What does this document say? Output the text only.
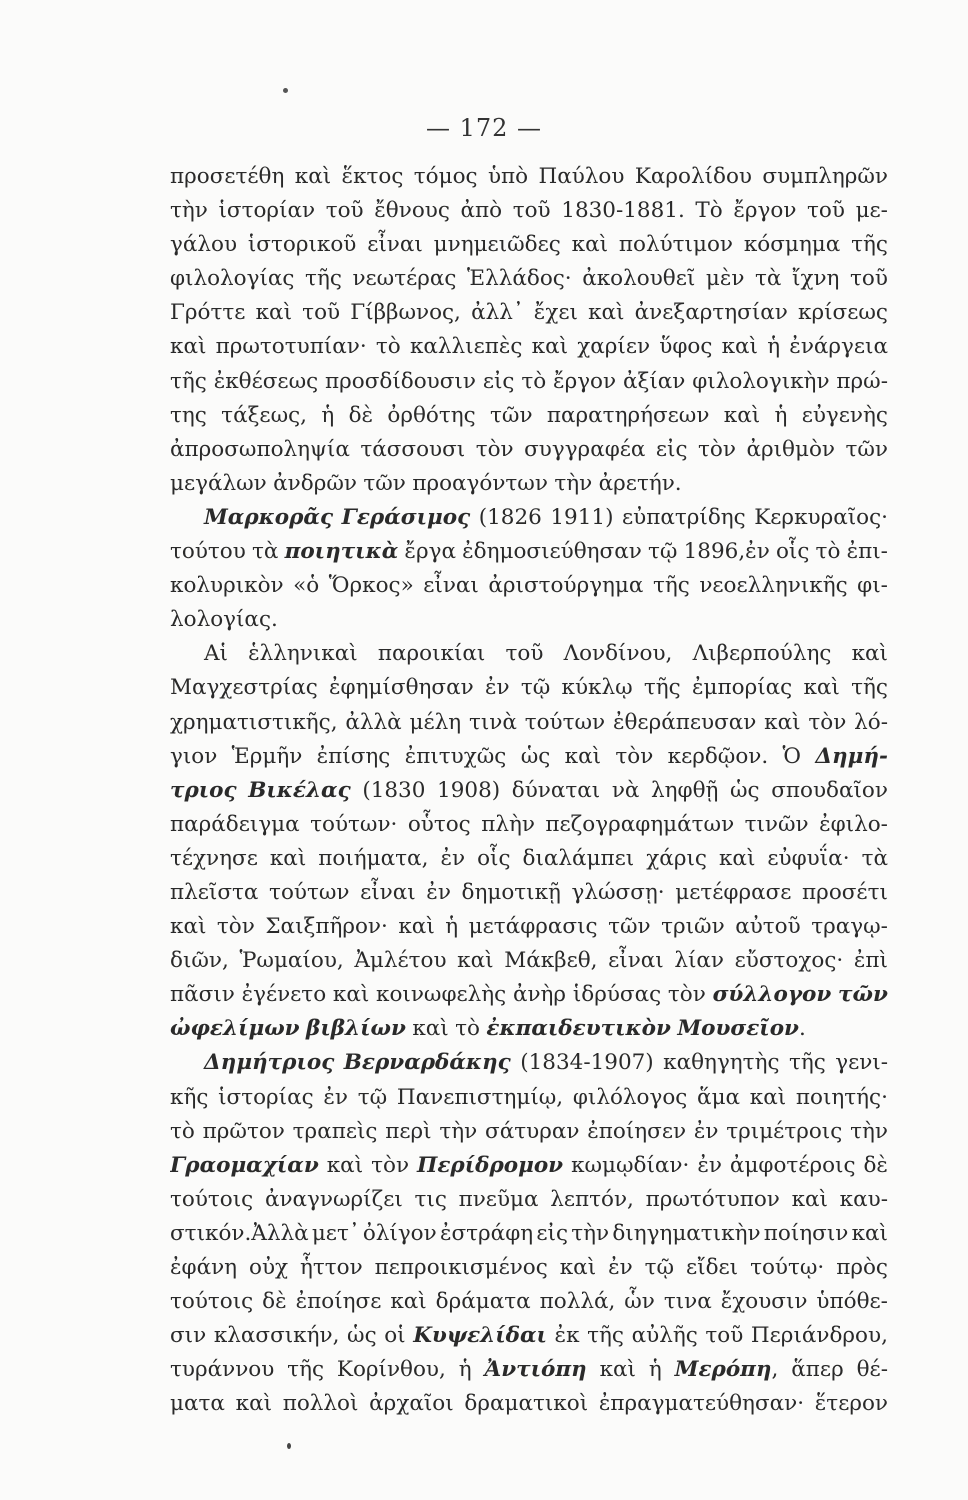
— 172 —
προσετέθη καὶ ἕκτος τόμος ὑπὸ Παύλου Καρολίδου συμπληρῶν
τὴν ἱστορίαν τοῦ ἔθνους ἀπὸ τοῦ 1830-1881. Τὸ ἔργον τοῦ με-
γάλου ἱστορικοῦ εἶναι μνημειῶδες καὶ πολύτιμον κόσμημα τῆς
φιλολογίας τῆς νεωτέρας Ἑλλάδος· ἀκολουθεῖ μὲν τὰ ἴχνη τοῦ
Γρόττε καὶ τοῦ Γίββωνος, ἀλλ᾽ ἔχει καὶ ἀνεξαρτησίαν κρίσεως
καὶ πρωτοτυπίαν· τὸ καλλιεπὲς καὶ χαρίεν ὕφος καὶ ἡ ἐνάργεια
τῆς ἐκθέσεως προσδίδουσιν εἰς τὸ ἔργον ἀξίαν φιλολογικὴν πρώ-
της τάξεως, ἡ δὲ ὀρθότης τῶν παρατηρήσεων καὶ ἡ εὐγενὴς
ἀπροσωποληψία τάσσουσι τὸν συγγραφέα εἰς τὸν ἀριθμὸν τῶν
μεγάλων ἀνδρῶν τῶν προαγόντων τὴν ἀρετήν.
Μαρκορᾶς Γεράσιμος (1826 1911) εὐπατρίδης Κερκυραῖος·
τούτου τὰ ποιητικὰ ἔργα ἐδημοσιεύθησαν τῷ 1896,ἐν οἷς τὸ ἐπι-
κολυρικὸν «ὁ Ὅρκος» εἶναι ἀριστούργημα τῆς νεοελληνικῆς φι-
λολογίας.
Αἱ ἑλληνικαὶ παροικίαι τοῦ Λονδίνου, Λιβερπούλης καὶ
Μαγχεστρίας ἐφημίσθησαν ἐν τῷ κύκλῳ τῆς ἐμπορίας καὶ τῆς
χρηματιστικῆς, ἀλλὰ μέλη τινὰ τούτων ἐθεράπευσαν καὶ τὸν λό-
γιον Ἑρμῆν ἐπίσης ἐπιτυχῶς ὡς καὶ τὸν κερδῷον. Ὁ Δημή-
τριος Βικέλας (1830 1908) δύναται νὰ ληφθῇ ὡς σπουδαῖον
παράδειγμα τούτων· οὗτος πλὴν πεζογραφημάτων τινῶν ἐφιλο-
τέχνησε καὶ ποιήματα, ἐν οἷς διαλάμπει χάρις καὶ εὐφυΐα· τὰ
πλεῖστα τούτων εἶναι ἐν δημοτικῇ γλώσσῃ· μετέφρασε προσέτι
καὶ τὸν Σαιξπῆρον· καὶ ἡ μετάφρασις τῶν τριῶν αὐτοῦ τραγῳ-
διῶν, Ῥωμαίου, Ἀμλέτου καὶ Μάκβεθ, εἶναι λίαν εὔστοχος· ἐπὶ
πᾶσιν ἐγένετο καὶ κοινωφελὴς ἀνὴρ ἱδρύσας τὸν σύλλογον τῶν
ὠφελίμων βιβλίων καὶ τὸ ἐκπαιδευτικὸν Μουσεῖον.
Δημήτριος Βερναρδάκης (1834-1907) καθηγητὴς τῆς γενι-
κῆς ἱστορίας ἐν τῷ Πανεπιστημίῳ, φιλόλογος ἅμα καὶ ποιητής·
τὸ πρῶτον τραπεὶς περὶ τὴν σάτυραν ἐποίησεν ἐν τριμέτροις τὴν
Γραομαχίαν καὶ τὸν Περίδρομον κωμῳδίαν· ἐν ἀμφοτέροις δὲ
τούτοις ἀναγνωρίζει τις πνεῦμα λεπτόν, πρωτότυπον καὶ καυ-
στικόν.Ἀλλὰ μετ᾽ ὀλίγον ἐστράφη εἰς τὴν διηγηματικὴν ποίησιν καὶ
ἐφάνη οὐχ ἧττον πεπροικισμένος καὶ ἐν τῷ εἴδει τούτῳ· πρὸς
τούτοις δὲ ἐποίησε καὶ δράματα πολλά, ὧν τινα ἔχουσιν ὑπόθε-
σιν κλασσικήν, ὡς οἱ Κυψελίδαι ἐκ τῆς αὐλῆς τοῦ Περιάνδρου,
τυράννου τῆς Κορίνθου, ἡ Ἀντιόπη καὶ ἡ Μερόπη, ἅπερ θέ-
ματα καὶ πολλοὶ ἀρχαῖοι δραματικοὶ ἐπραγματεύθησαν· ἕτερον
